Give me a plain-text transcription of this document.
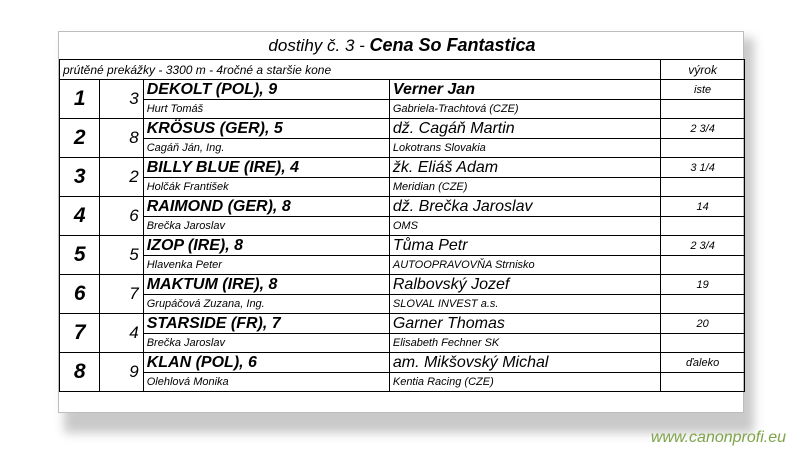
dostihy č. 3 - Cena So Fantastica
prútěné prekážky - 3300 m - 4ročné a staršie kone				výrok
1	3	DEKOLT (POL), 9	Verner Jan	iste
		Hurt Tomáš	Gabriela-Trachtová (CZE)	
2	8	KRÖSUS (GER), 5	dž. Cagáň Martin	2 3/4
		Cagáň Ján, Ing.	Lokotrans Slovakia	
3	2	BILLY BLUE (IRE), 4	žk. Eliáš Adam	3 1/4
		Holčák František	Meridian (CZE)	
4	6	RAIMOND (GER), 8	dž. Brečka Jaroslav	14
		Brečka Jaroslav	OMS	
5	5	IZOP (IRE), 8	Tůma Petr	2 3/4
		Hlavenka Peter	AUTOOPRAVOVŇA Strnisko	
6	7	MAKTUM (IRE), 8	Ralbovský Jozef	19
		Grupáčová Zuzana, Ing.	SLOVAL INVEST a.s.	
7	4	STARSIDE (FR), 7	Garner Thomas	20
		Brečka Jaroslav	Elisabeth Fechner SK	
8	9	KLAN (POL), 6	am. Mikšovský Michal	ďaleko
		Olehlová Monika	Kentia Racing (CZE)	
www.canonprofi.eu
